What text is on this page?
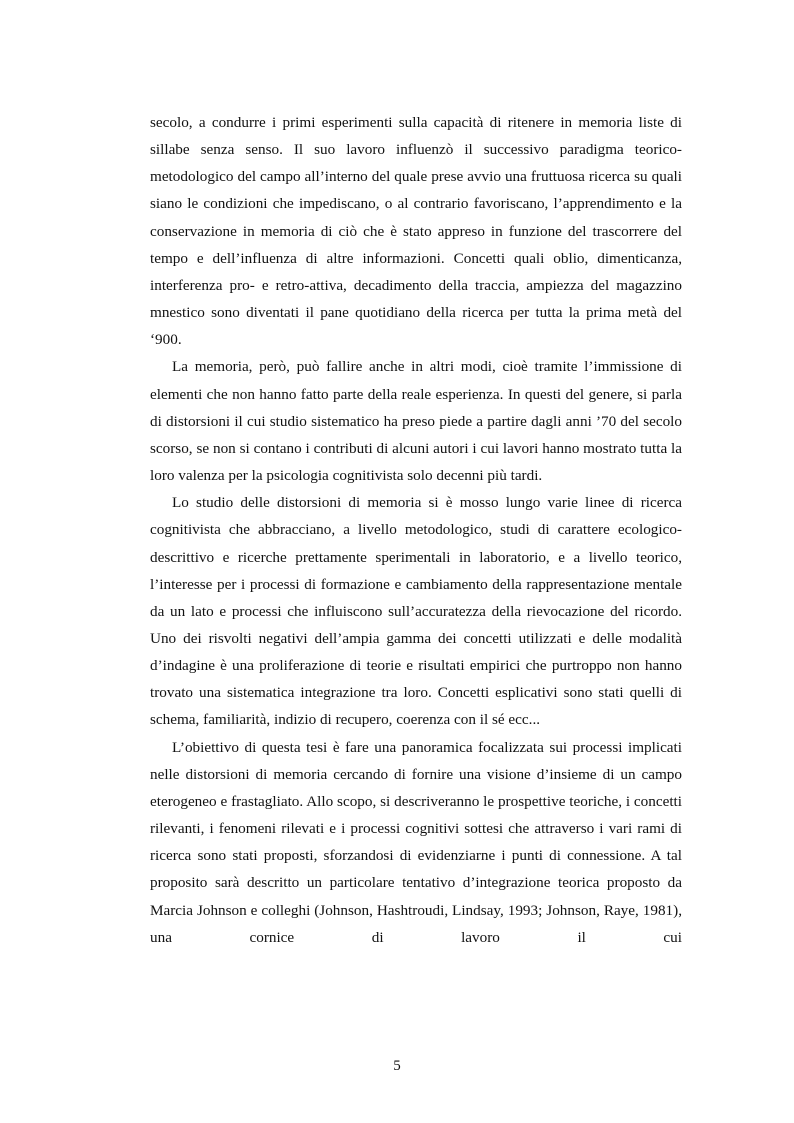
secolo, a condurre i primi esperimenti sulla capacità di ritenere in memoria liste di sillabe senza senso. Il suo lavoro influenzò il successivo paradigma teorico-metodologico del campo all’interno del quale prese avvio una fruttuosa ricerca su quali siano le condizioni che impediscano, o al contrario favoriscano, l’apprendimento e la conservazione in memoria di ciò che è stato appreso in funzione del trascorrere del tempo e dell’influenza di altre informazioni. Concetti quali oblio, dimenticanza, interferenza pro- e retro-attiva, decadimento della traccia, ampiezza del magazzino mnestico sono diventati il pane quotidiano della ricerca per tutta la prima metà del ‘900.

La memoria, però, può fallire anche in altri modi, cioè tramite l’immissione di elementi che non hanno fatto parte della reale esperienza. In questi del genere, si parla di distorsioni il cui studio sistematico ha preso piede a partire dagli anni ’70 del secolo scorso, se non si contano i contributi di alcuni autori i cui lavori hanno mostrato tutta la loro valenza per la psicologia cognitivista solo decenni più tardi.

Lo studio delle distorsioni di memoria si è mosso lungo varie linee di ricerca cognitivista che abbracciano, a livello metodologico, studi di carattere ecologico-descrittivo e ricerche prettamente sperimentali in laboratorio, e a livello teorico, l’interesse per i processi di formazione e cambiamento della rappresentazione mentale da un lato e processi che influiscono sull’accuratezza della rievocazione del ricordo. Uno dei risvolti negativi dell’ampia gamma dei concetti utilizzati e delle modalità d’indagine è una proliferazione di teorie e risultati empirici che purtroppo non hanno trovato una sistematica integrazione tra loro. Concetti esplicativi sono stati quelli di schema, familiarità, indizio di recupero, coerenza con il sé ecc...

L’obiettivo di questa tesi è fare una panoramica focalizzata sui processi implicati nelle distorsioni di memoria cercando di fornire una visione d’insieme di un campo eterogeneo e frastagliato. Allo scopo, si descriveranno le prospettive teoriche, i concetti rilevanti, i fenomeni rilevati e i processi cognitivi sottesi che attraverso i vari rami di ricerca sono stati proposti, sforzandosi di evidenziarne i punti di connessione. A tal proposito sarà descritto un particolare tentativo d’integrazione teorica proposto da Marcia Johnson e colleghi (Johnson, Hashtroudi, Lindsay, 1993; Johnson, Raye, 1981), una cornice di lavoro il cui

5
